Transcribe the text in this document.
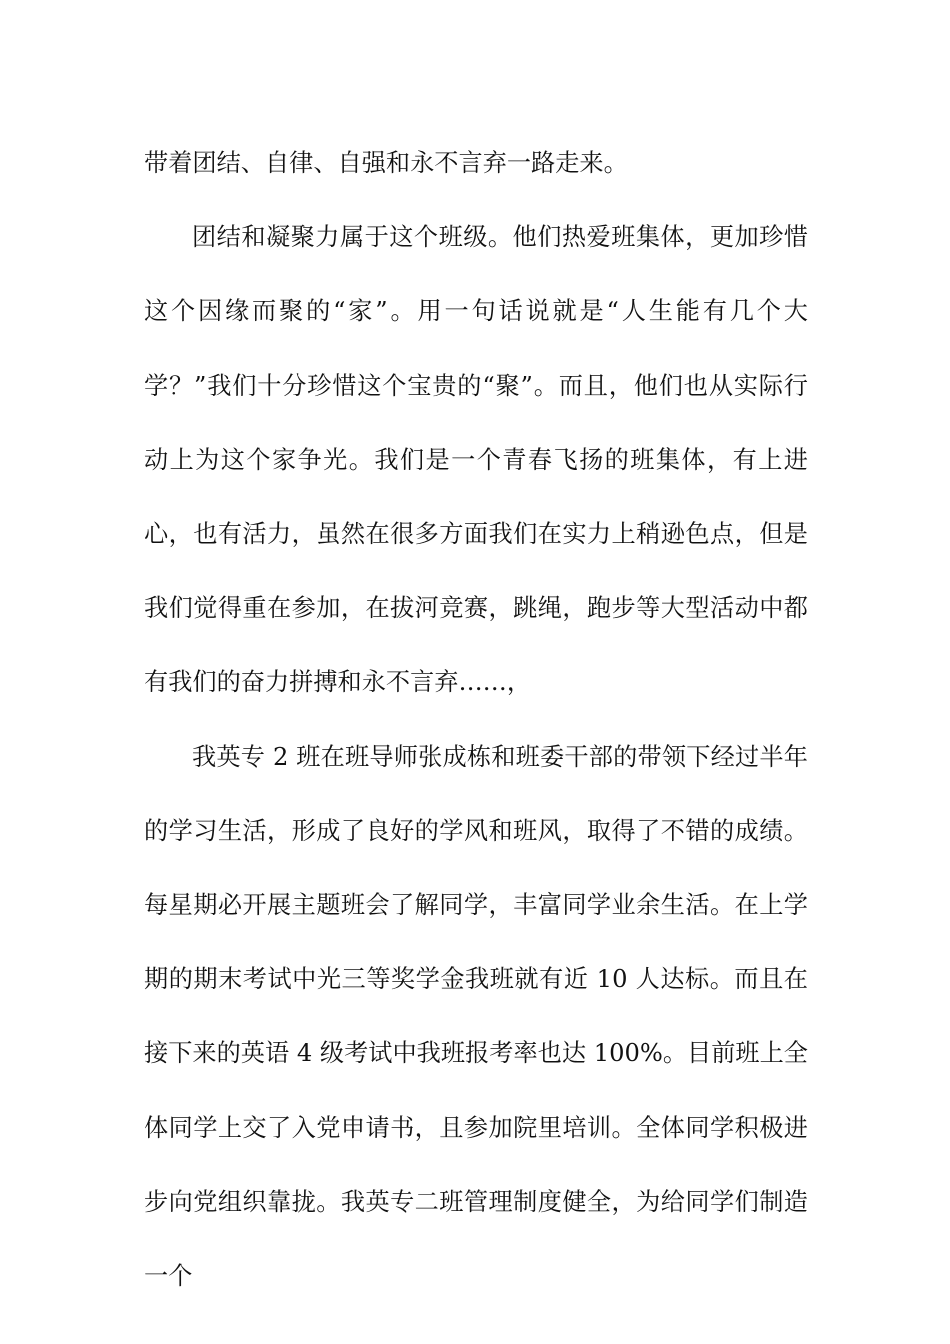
带着团结、自律、自强和永不言弃一路走来。

团结和凝聚力属于这个班级。他们热爱班集体，更加珍惜这个因缘而聚的“家”。用一句话说就是“人生能有几个大学？”我们十分珍惜这个宝贵的“聚”。而且，他们也从实际行动上为这个家争光。我们是一个青春飞扬的班集体，有上进心，也有活力，虽然在很多方面我们在实力上稍逊色点，但是我们觉得重在参加，在拔河竞赛，跳绳，跑步等大型活动中都有我们的奋力拼搏和永不言弃……，

我英专 2 班在班导师张成栋和班委干部的带领下经过半年的学习生活，形成了良好的学风和班风，取得了不错的成绩。每星期必开展主题班会了解同学，丰富同学业余生活。在上学期的期末考试中光三等奖学金我班就有近 10 人达标。而且在接下来的英语 4 级考试中我班报考率也达 100%。目前班上全体同学上交了入党申请书，且参加院里培训。全体同学积极进步向党组织靠拢。我英专二班管理制度健全，为给同学们制造一个
